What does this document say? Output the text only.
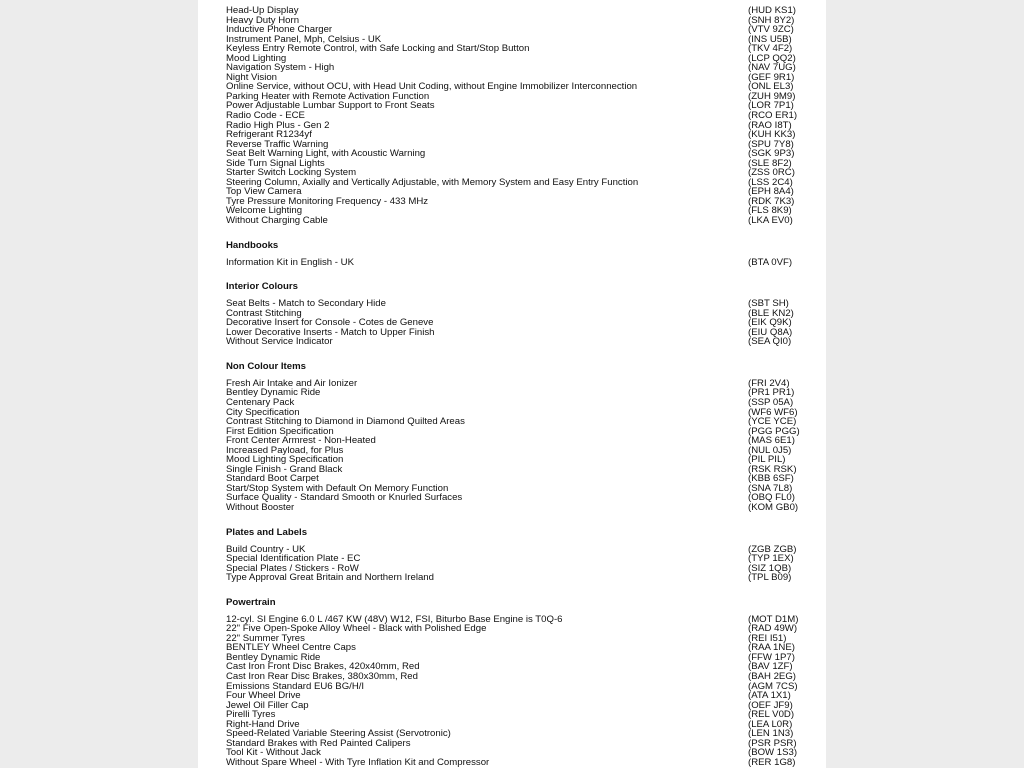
Head-Up Display	(HUD KS1)
Heavy Duty Horn	(SNH 8Y2)
Inductive Phone Charger	(VTV 9ZC)
Instrument Panel, Mph, Celsius - UK	(INS U5B)
Keyless Entry Remote Control, with Safe Locking and Start/Stop Button	(TKV 4F2)
Mood Lighting	(LCP QQ2)
Navigation System - High	(NAV 7UG)
Night Vision	(GEF 9R1)
Online Service, without OCU, with Head Unit Coding, without Engine Immobilizer Interconnection	(ONL EL3)
Parking Heater with Remote Activation Function	(ZUH 9M9)
Power Adjustable Lumbar Support to Front Seats	(LOR 7P1)
Radio Code - ECE	(RCO ER1)
Radio High Plus - Gen 2	(RAO I8T)
Refrigerant R1234yf	(KUH KK3)
Reverse Traffic Warning	(SPU 7Y8)
Seat Belt Warning Light, with Acoustic Warning	(SGK 9P3)
Side Turn Signal Lights	(SLE 8F2)
Starter Switch Locking System	(ZSS 0RC)
Steering Column, Axially and Vertically Adjustable, with Memory System and Easy Entry Function	(LSS 2C4)
Top View Camera	(EPH 8A4)
Tyre Pressure Monitoring Frequency - 433 MHz	(RDK 7K3)
Welcome Lighting	(FLS 8K9)
Without Charging Cable	(LKA EV0)
Handbooks
Information Kit in English - UK	(BTA 0VF)
Interior Colours
Seat Belts - Match to Secondary Hide	(SBT SH)
Contrast Stitching	(BLE KN2)
Decorative Insert for Console - Cotes de Geneve	(EIK Q9K)
Lower Decorative Inserts - Match to Upper Finish	(EIU Q8A)
Without Service Indicator	(SEA QI0)
Non Colour Items
Fresh Air Intake and Air Ionizer	(FRI 2V4)
Bentley Dynamic Ride	(PR1 PR1)
Centenary Pack	(SSP 05A)
City Specification	(WF6 WF6)
Contrast Stitching to Diamond in Diamond Quilted Areas	(YCE YCE)
First Edition Specification	(PGG PGG)
Front Center Armrest - Non-Heated	(MAS 6E1)
Increased Payload, for Plus	(NUL 0J5)
Mood Lighting Specification	(PIL PIL)
Single Finish - Grand Black	(RSK RSK)
Standard Boot Carpet	(KBB 6SF)
Start/Stop System with Default On Memory Function	(SNA 7L8)
Surface Quality - Standard Smooth or Knurled Surfaces	(OBQ FL0)
Without Booster	(KOM GB0)
Plates and Labels
Build Country - UK	(ZGB ZGB)
Special Identification Plate - EC	(TYP 1EX)
Special Plates / Stickers - RoW	(SIZ 1QB)
Type Approval Great Britain and Northern Ireland	(TPL B09)
Powertrain
12-cyl. SI Engine 6.0 L /467 KW (48V) W12, FSI, Biturbo Base Engine is T0Q-6	(MOT D1M)
22" Five Open-Spoke Alloy Wheel - Black with Polished Edge	(RAD 49W)
22" Summer Tyres	(REI I51)
BENTLEY Wheel Centre Caps	(RAA 1NE)
Bentley Dynamic Ride	(FFW 1P7)
Cast Iron Front Disc Brakes, 420x40mm, Red	(BAV 1ZF)
Cast Iron Rear Disc Brakes, 380x30mm, Red	(BAH 2EG)
Emissions Standard EU6 BG/H/I	(AGM 7CS)
Four Wheel Drive	(ATA 1X1)
Jewel Oil Filler Cap	(OEF JF9)
Pirelli Tyres	(REL V0D)
Right-Hand Drive	(LEA L0R)
Speed-Related Variable Steering Assist (Servotronic)	(LEN 1N3)
Standard Brakes with Red Painted Calipers	(PSR PSR)
Tool Kit - Without Jack	(BOW 1S3)
Without Spare Wheel - With Tyre Inflation Kit and Compressor	(RER 1G8)
